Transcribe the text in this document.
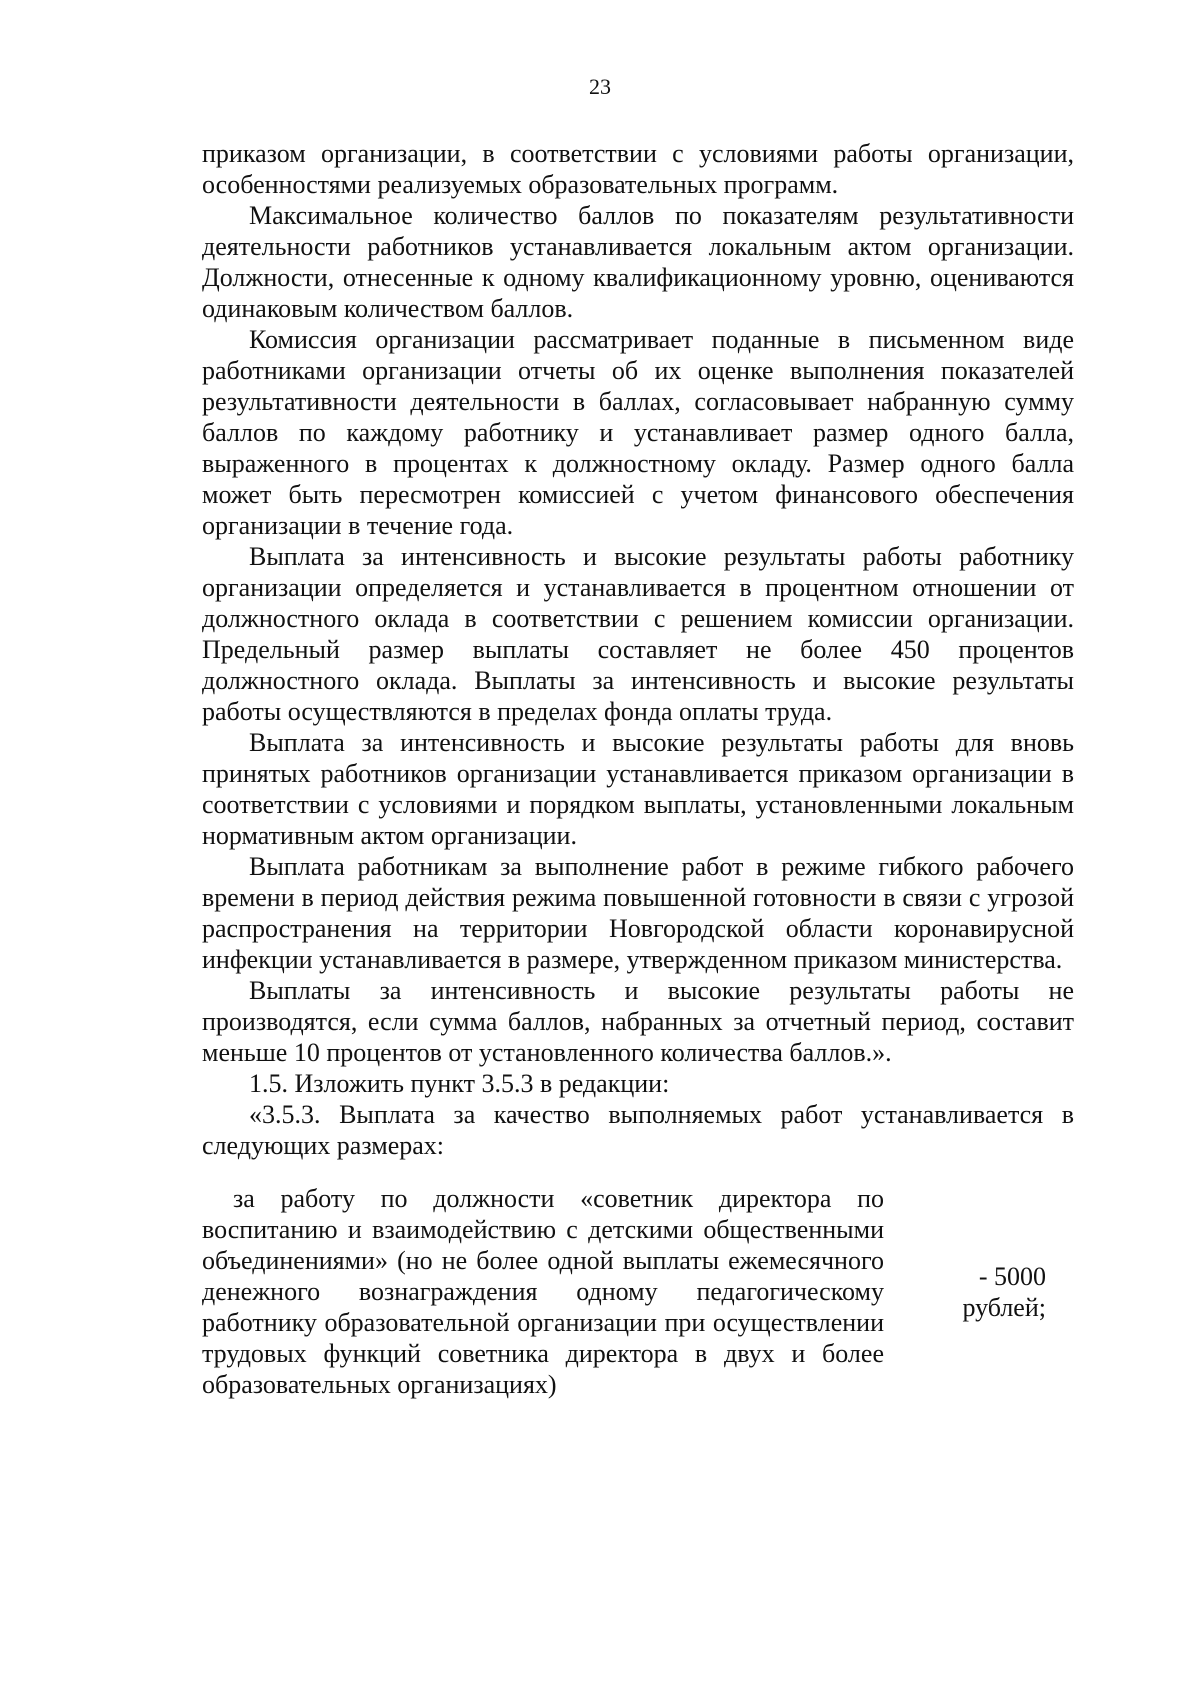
23

приказом организации, в соответствии с условиями работы организации, особенностями реализуемых образовательных программ.

Максимальное количество баллов по показателям результативности деятельности работников устанавливается локальным актом организации. Должности, отнесенные к одному квалификационному уровню, оцениваются одинаковым количеством баллов.

Комиссия организации рассматривает поданные в письменном виде работниками организации отчеты об их оценке выполнения показателей результативности деятельности в баллах, согласовывает набранную сумму баллов по каждому работнику и устанавливает размер одного балла, выраженного в процентах к должностному окладу. Размер одного балла может быть пересмотрен комиссией с учетом финансового обеспечения организации в течение года.

Выплата за интенсивность и высокие результаты работы работнику организации определяется и устанавливается в процентном отношении от должностного оклада в соответствии с решением комиссии организации. Предельный размер выплаты составляет не более 450 процентов должностного оклада. Выплаты за интенсивность и высокие результаты работы осуществляются в пределах фонда оплаты труда.

Выплата за интенсивность и высокие результаты работы для вновь принятых работников организации устанавливается приказом организации в соответствии с условиями и порядком выплаты, установленными локальным нормативным актом организации.

Выплата работникам за выполнение работ в режиме гибкого рабочего времени в период действия режима повышенной готовности в связи с угрозой распространения на территории Новгородской области коронавирусной инфекции устанавливается в размере, утвержденном приказом министерства.

Выплаты за интенсивность и высокие результаты работы не производятся, если сумма баллов, набранных за отчетный период, составит меньше 10 процентов от установленного количества баллов.».

1.5. Изложить пункт 3.5.3 в редакции:

«3.5.3. Выплата за качество выполняемых работ устанавливается в следующих размерах:

за работу по должности «советник директора по воспитанию и взаимодействию с детскими общественными объединениями» (но не более одной выплаты ежемесячного денежного вознаграждения одному педагогическому работнику образовательной организации при осуществлении трудовых функций советника директора в двух и более образовательных организациях)

- 5000
рублей;
